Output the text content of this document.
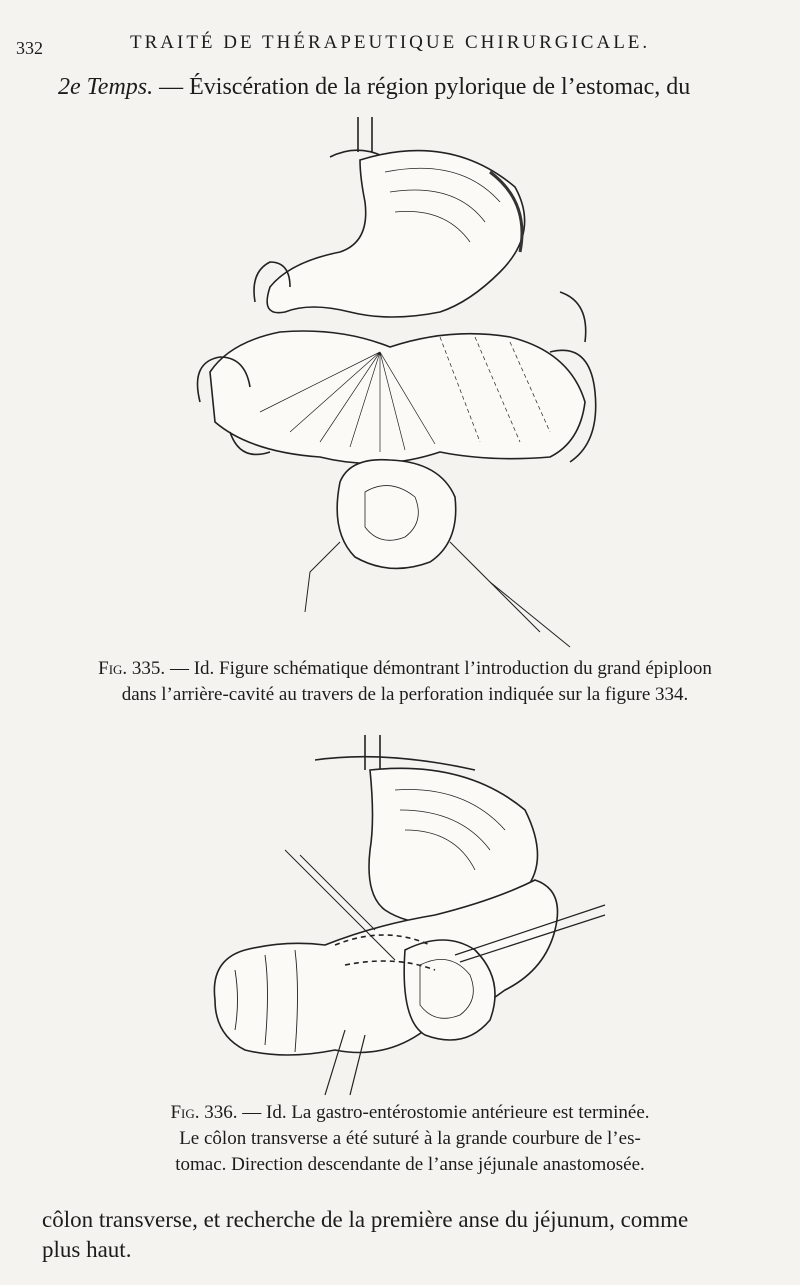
332	TRAITÉ DE THÉRAPEUTIQUE CHIRURGICALE.
2e Temps. — Éviscération de la région pylorique de l’estomac, du
Fig. 335. — Id. Figure schématique démontrant l’introduction du grand épiploon
dans l’arrière-cavité au travers de la perforation indiquée sur la figure 334.
Fig. 336. — Id. La gastro-entérostomie antérieure est terminée.
Le côlon transverse a été suturé à la grande courbure de l’es-
tomac. Direction descendante de l’anse jéjunale anastomosée.
côlon transverse, et recherche de la première anse du jéjunum, comme
plus haut.
